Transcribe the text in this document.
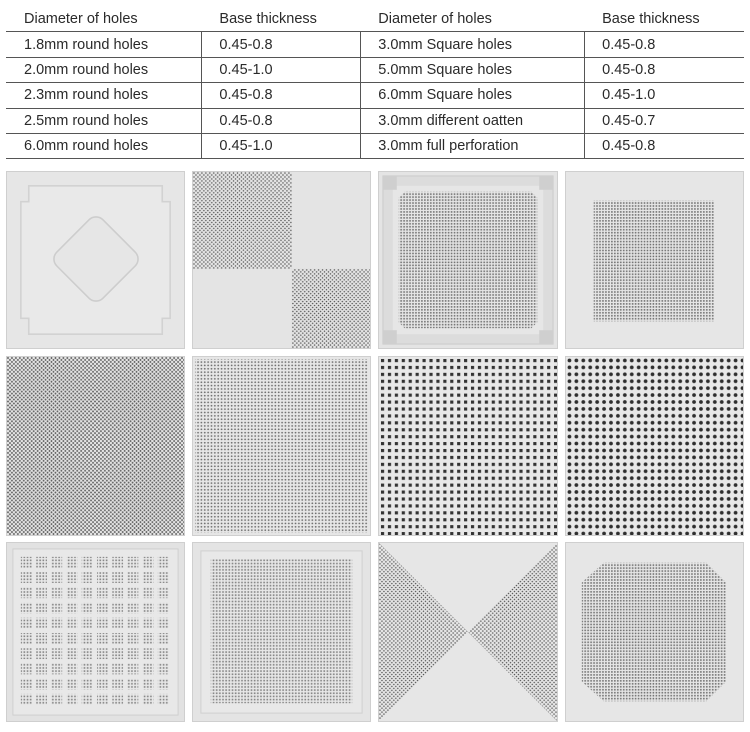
Diameter of holes	Base thickness	Diameter of holes	Base thickness
1.8mm round holes	0.45-0.8	3.0mm Square holes	0.45-0.8
2.0mm round holes	0.45-1.0	5.0mm Square holes	0.45-0.8
2.3mm round holes	0.45-0.8	6.0mm Square holes	0.45-1.0
2.5mm round holes	0.45-0.8	3.0mm different oatten	0.45-0.7
6.0mm round holes	0.45-1.0	3.0mm full perforation	0.45-0.8
